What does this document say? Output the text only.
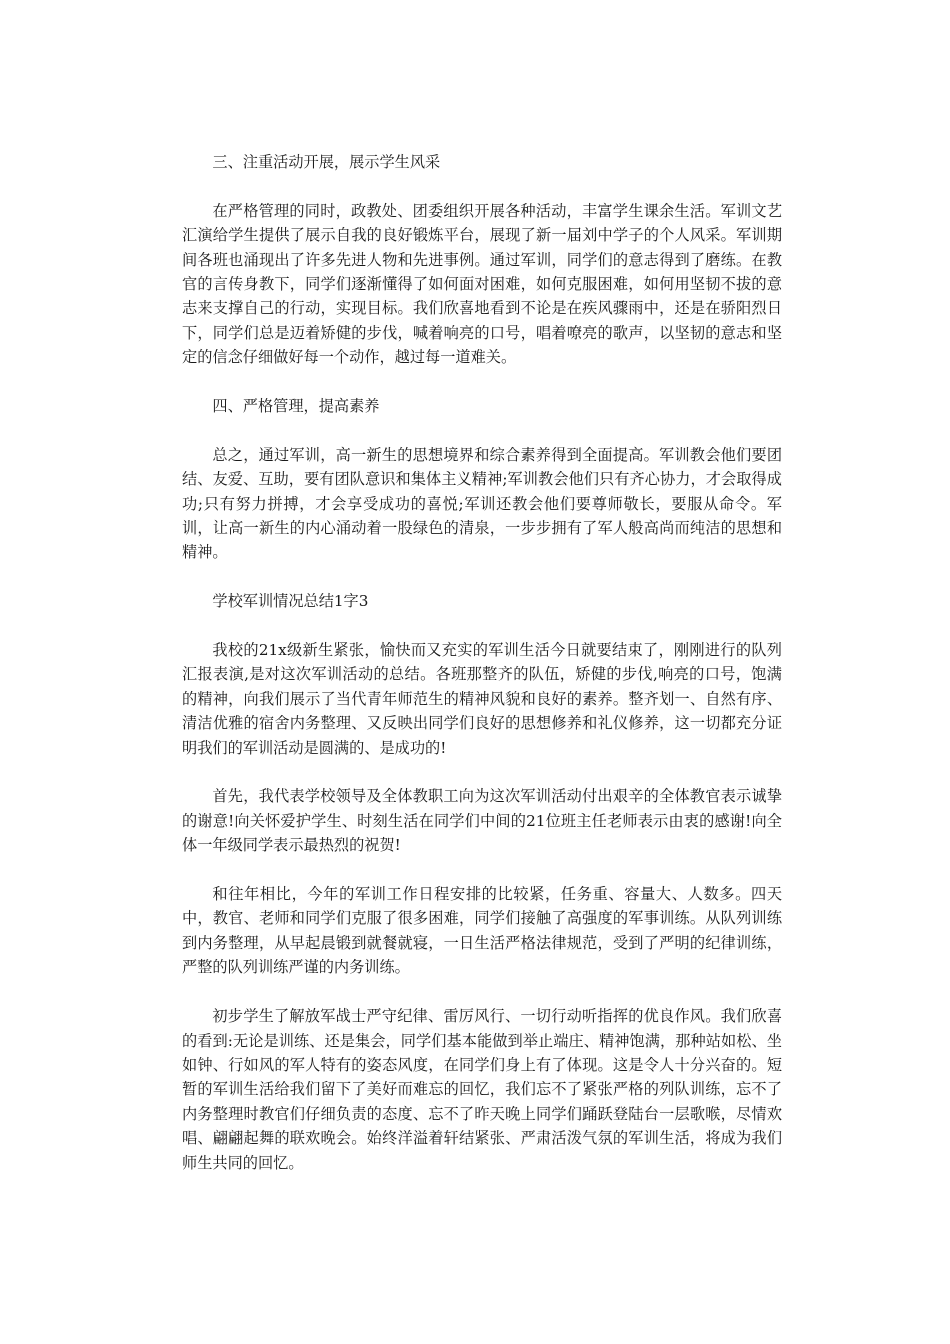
三、注重活动开展，展示学生风采

在严格管理的同时，政教处、团委组织开展各种活动，丰富学生课余生活。军训文艺汇演给学生提供了展示自我的良好锻炼平台，展现了新一届刘中学子的个人风采。军训期间各班也涌现出了许多先进人物和先进事例。通过军训，同学们的意志得到了磨练。在教官的言传身教下，同学们逐渐懂得了如何面对困难，如何克服困难，如何用坚韧不拔的意志来支撑自己的行动，实现目标。我们欣喜地看到不论是在疾风骤雨中，还是在骄阳烈日下，同学们总是迈着矫健的步伐，喊着响亮的口号，唱着嘹亮的歌声，以坚韧的意志和坚定的信念仔细做好每一个动作，越过每一道难关。

四、严格管理，提高素养

总之，通过军训，高一新生的思想境界和综合素养得到全面提高。军训教会他们要团结、友爱、互助，要有团队意识和集体主义精神;军训教会他们只有齐心协力，才会取得成功;只有努力拼搏，才会享受成功的喜悦;军训还教会他们要尊师敬长，要服从命令。军训，让高一新生的内心涌动着一股绿色的清泉，一步步拥有了军人般高尚而纯洁的思想和精神。

学校军训情况总结1字3

我校的21x级新生紧张，愉快而又充实的军训生活今日就要结束了，刚刚进行的队列汇报表演,是对这次军训活动的总结。各班那整齐的队伍，矫健的步伐,响亮的口号，饱满的精神，向我们展示了当代青年师范生的精神风貌和良好的素养。整齐划一、自然有序、清洁优雅的宿舍内务整理、又反映出同学们良好的思想修养和礼仪修养，这一切都充分证明我们的军训活动是圆满的、是成功的!

首先，我代表学校领导及全体教职工向为这次军训活动付出艰辛的全体教官表示诚挚的谢意!向关怀爱护学生、时刻生活在同学们中间的21位班主任老师表示由衷的感谢!向全体一年级同学表示最热烈的祝贺!

和往年相比，今年的军训工作日程安排的比较紧，任务重、容量大、人数多。四天中，教官、老师和同学们克服了很多困难，同学们接触了高强度的军事训练。从队列训练到内务整理，从早起晨锻到就餐就寝，一日生活严格法律规范，受到了严明的纪律训练，严整的队列训练严谨的内务训练。

初步学生了解放军战士严守纪律、雷厉风行、一切行动听指挥的优良作风。我们欣喜的看到:无论是训练、还是集会，同学们基本能做到举止端庄、精神饱满，那种站如松、坐如钟、行如风的军人特有的姿态风度，在同学们身上有了体现。这是令人十分兴奋的。短暂的军训生活给我们留下了美好而难忘的回忆，我们忘不了紧张严格的列队训练，忘不了内务整理时教官们仔细负责的态度、忘不了昨天晚上同学们踊跃登陆台一层歌喉，尽情欢唱、翩翩起舞的联欢晚会。始终洋溢着轩结紧张、严肃活泼气氛的军训生活，将成为我们师生共同的回忆。
